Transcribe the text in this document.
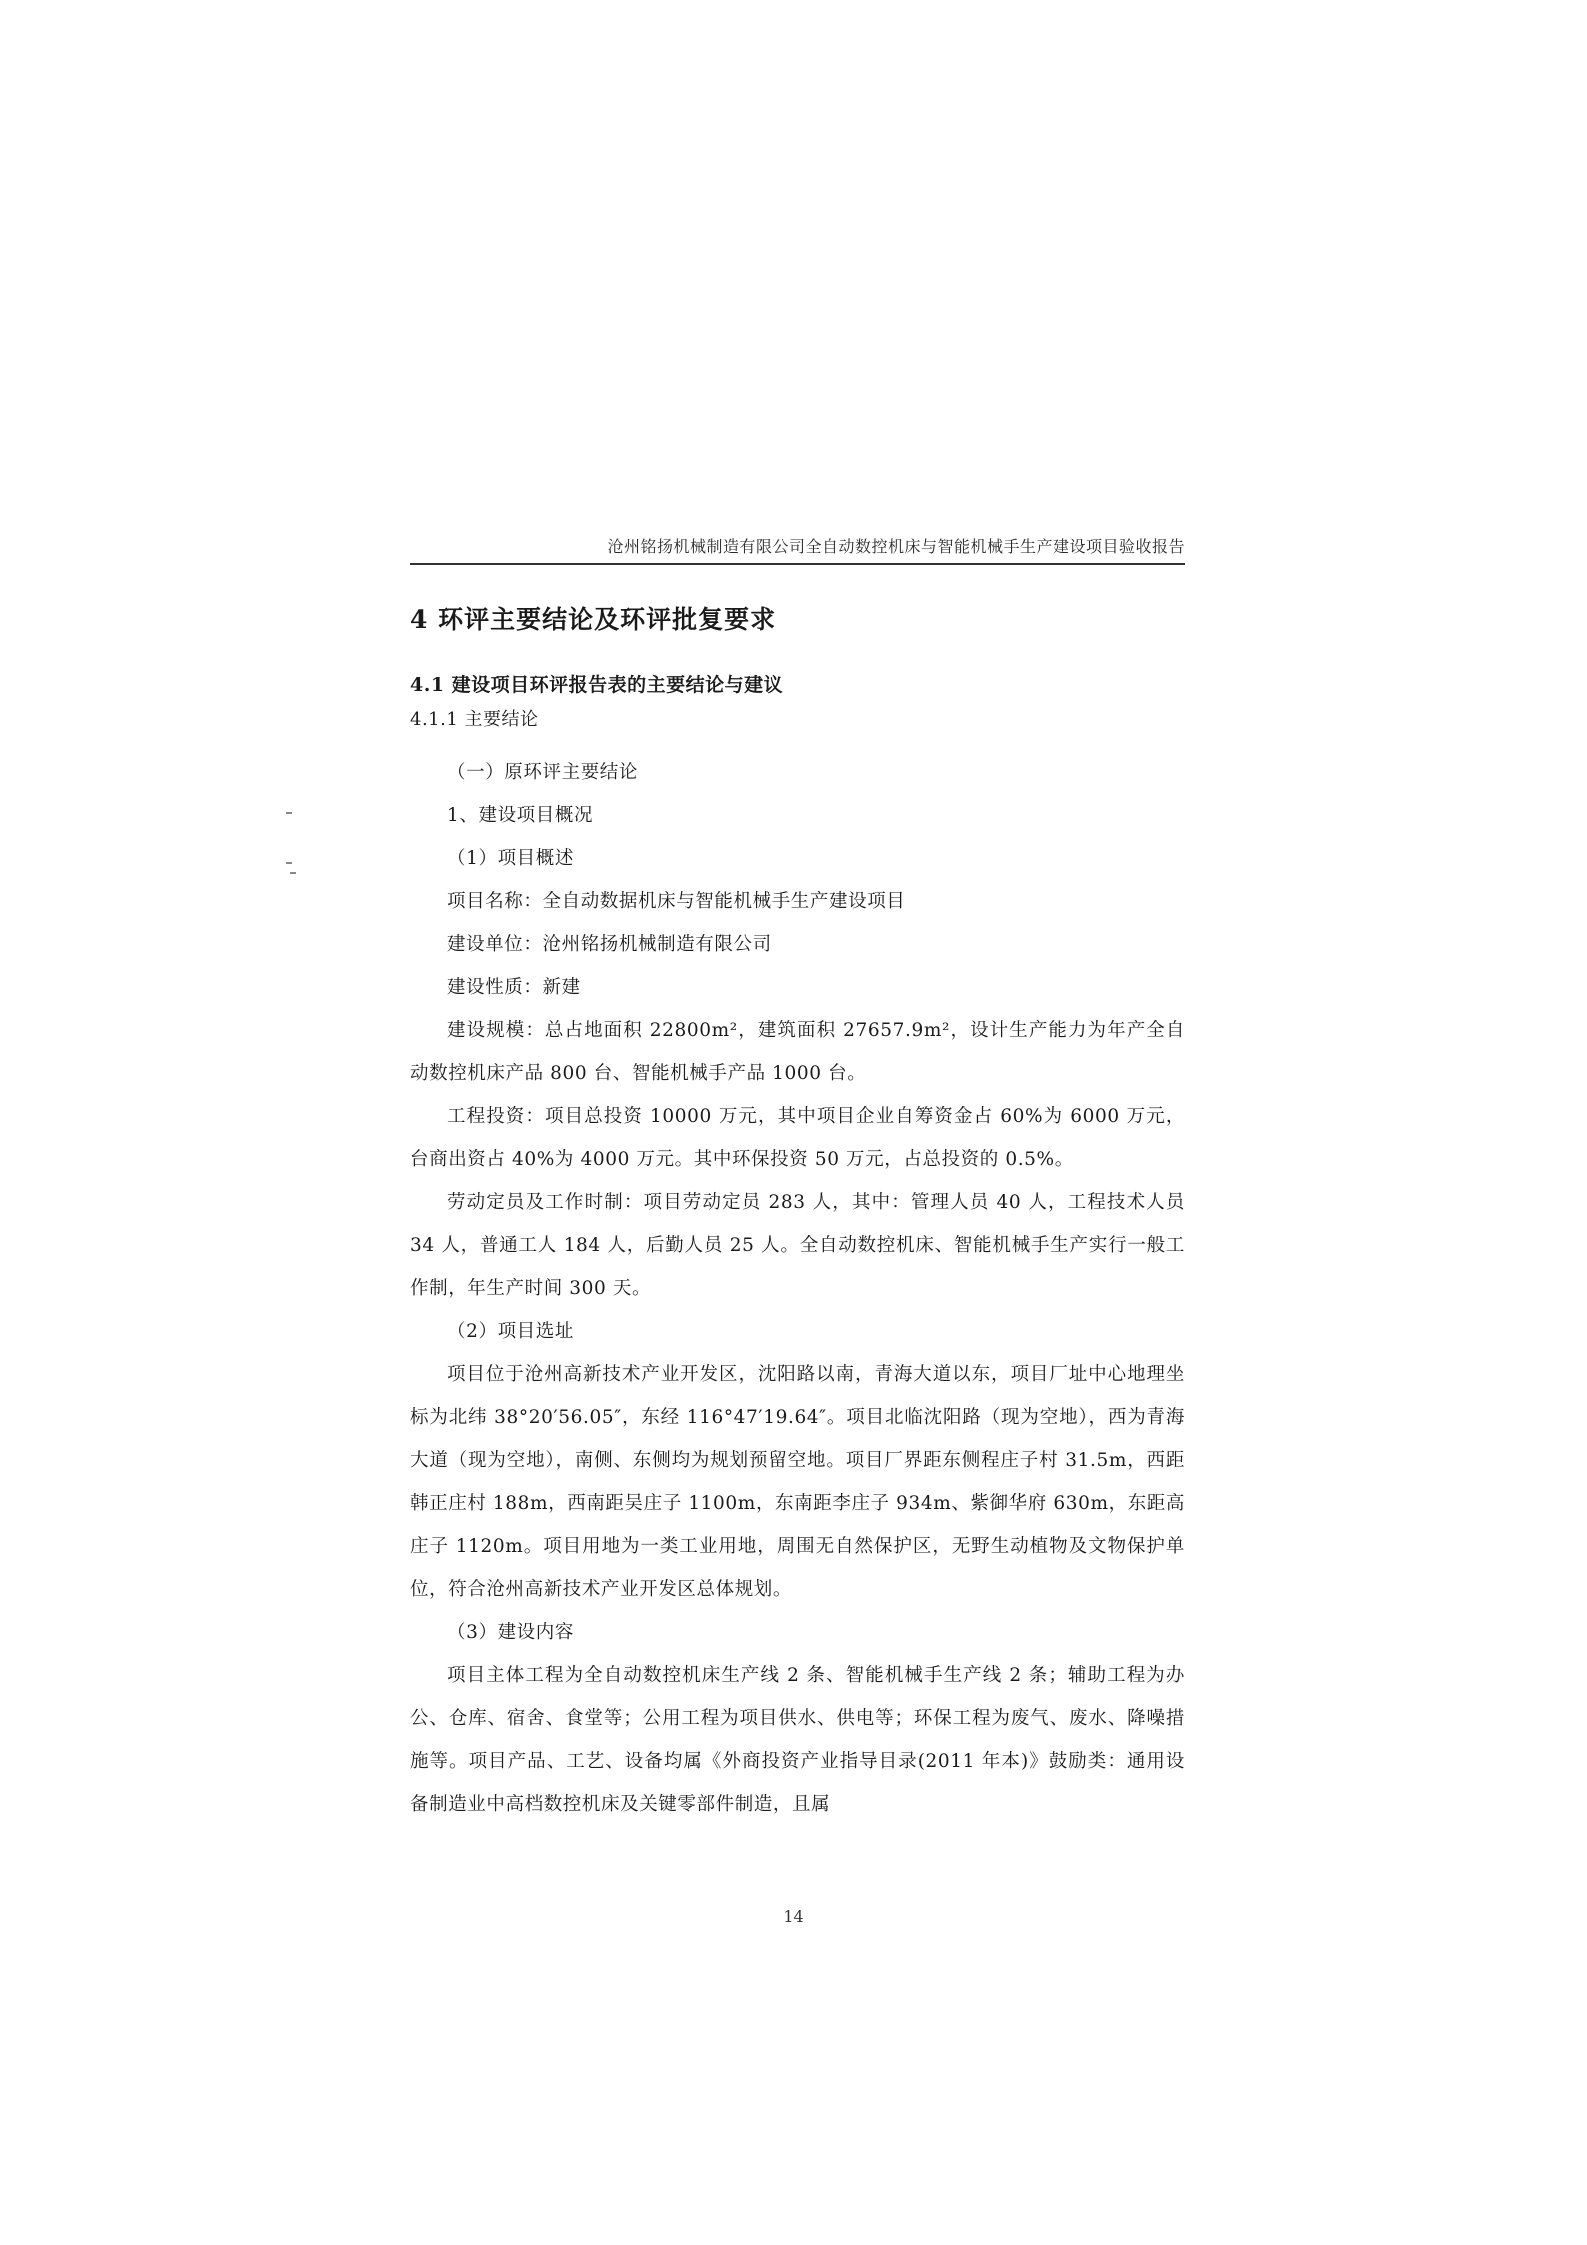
沧州铭扬机械制造有限公司全自动数控机床与智能机械手生产建设项目验收报告
4 环评主要结论及环评批复要求
4.1 建设项目环评报告表的主要结论与建议
4.1.1 主要结论

（一）原环评主要结论

1、建设项目概况

（1）项目概述

项目名称：全自动数据机床与智能机械手生产建设项目

建设单位：沧州铭扬机械制造有限公司

建设性质：新建

建设规模：总占地面积 22800m²，建筑面积 27657.9m²，设计生产能力为年产全自动数控机床产品 800 台、智能机械手产品 1000 台。

工程投资：项目总投资 10000 万元，其中项目企业自筹资金占 60%为 6000 万元，台商出资占 40%为 4000 万元。其中环保投资 50 万元，占总投资的 0.5%。

劳动定员及工作时制：项目劳动定员 283 人，其中：管理人员 40 人，工程技术人员 34 人，普通工人 184 人，后勤人员 25 人。全自动数控机床、智能机械手生产实行一般工作制，年生产时间 300 天。

（2）项目选址

项目位于沧州高新技术产业开发区，沈阳路以南，青海大道以东，项目厂址中心地理坐标为北纬 38°20′56.05″，东经 116°47′19.64″。项目北临沈阳路（现为空地），西为青海大道（现为空地），南侧、东侧均为规划预留空地。项目厂界距东侧程庄子村 31.5m，西距韩正庄村 188m，西南距吴庄子 1100m，东南距李庄子 934m、紫御华府 630m，东距高庄子 1120m。项目用地为一类工业用地，周围无自然保护区，无野生动植物及文物保护单位，符合沧州高新技术产业开发区总体规划。

（3）建设内容

项目主体工程为全自动数控机床生产线 2 条、智能机械手生产线 2 条；辅助工程为办公、仓库、宿舍、食堂等；公用工程为项目供水、供电等；环保工程为废气、废水、降噪措施等。项目产品、工艺、设备均属《外商投资产业指导目录(2011 年本)》鼓励类：通用设备制造业中高档数控机床及关键零部件制造，且属

14
